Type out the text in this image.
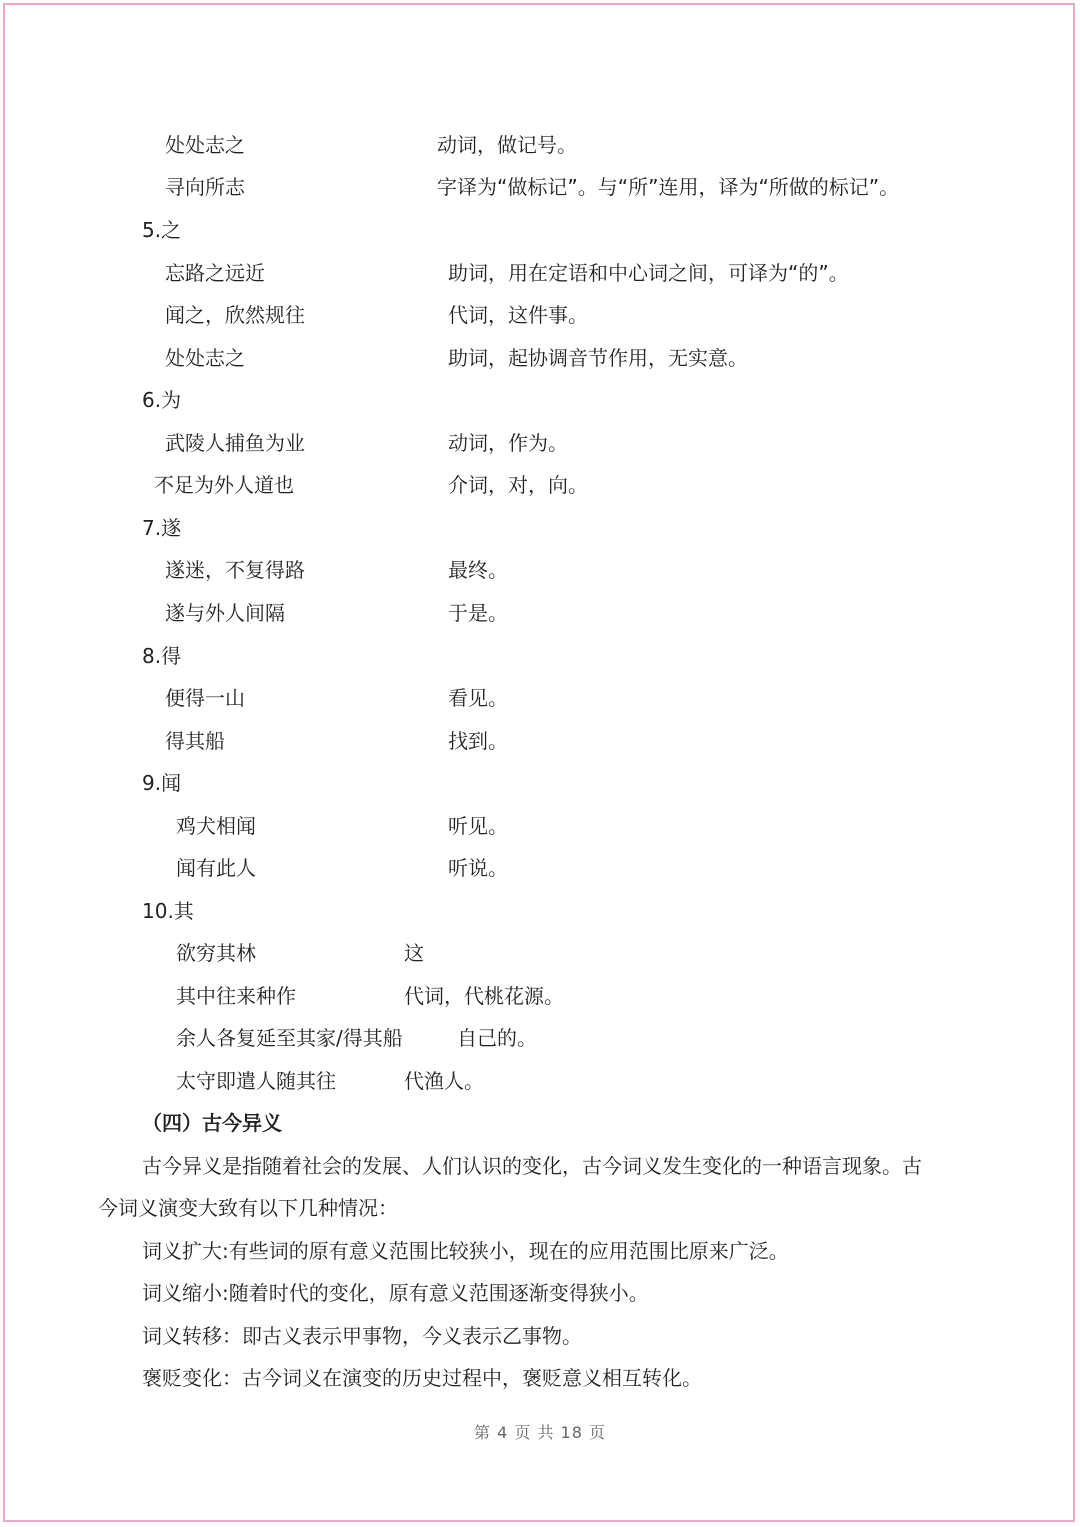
处处志之	动词，做记号。
寻向所志	字译为“做标记”。与“所”连用，译为“所做的标记”。
5.之
忘路之远近	助词，用在定语和中心词之间，可译为“的”。
闻之，欣然规往	代词，这件事。
处处志之	助词，起协调音节作用，无实意。
6.为
武陵人捕鱼为业	动词，作为。
不足为外人道也	介词，对，向。
7.遂
遂迷，不复得路	最终。
遂与外人间隔	于是。
8.得
便得一山	看见。
得其船	找到。
9.闻
鸡犬相闻	听见。
闻有此人	听说。
10.其
欲穷其林	这
其中往来种作	代词，代桃花源。
余人各复延至其家/得其船	自己的。
太守即遣人随其往	代渔人。
（四）古今异义
古今异义是指随着社会的发展、人们认识的变化，古今词义发生变化的一种语言现象。古
今词义演变大致有以下几种情况：
词义扩大:有些词的原有意义范围比较狭小，现在的应用范围比原来广泛。
词义缩小:随着时代的变化，原有意义范围逐渐变得狭小。
词义转移：即古义表示甲事物，今义表示乙事物。
褒贬变化：古今词义在演变的历史过程中，褒贬意义相互转化。
第 4 页 共 18 页
